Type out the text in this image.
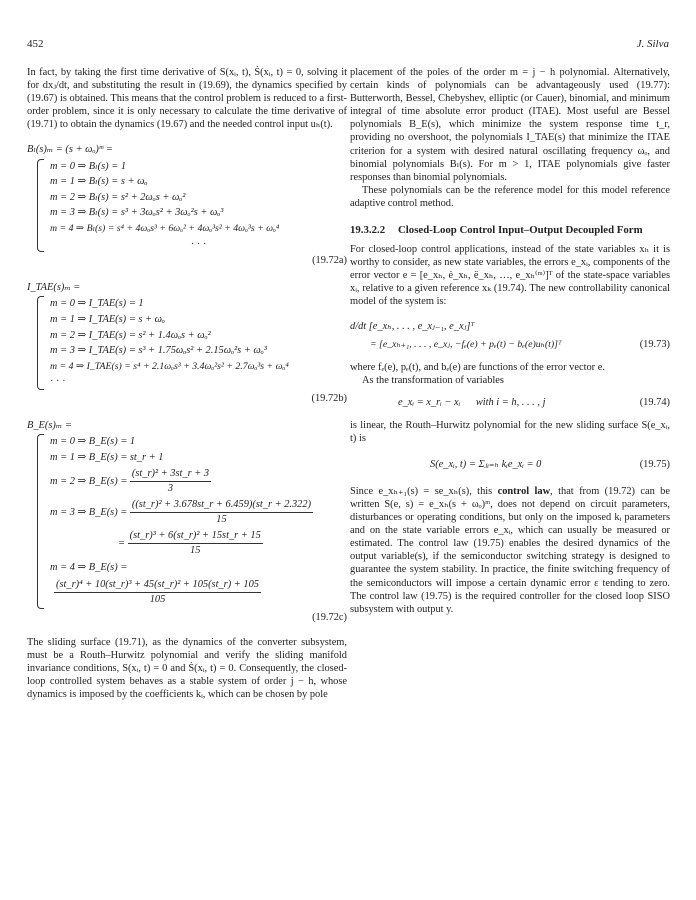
452	J. Silva

In fact, by taking the first time derivative of S(xᵢ, t), Ṡ(xᵢ, t) = 0, solving it for dxⱼ/dt, and substituting the result in (19.69), the dynamics specified by (19.67) is obtained. This means that the control problem is reduced to a first-order problem, since it is only necessary to calculate the time derivative of (19.71) to obtain the dynamics (19.67) and the needed control input uₕ(t).

Bₗ(s)ₘ = (s + ωₒ)ᵐ =
m = 0 ⇒ Bₗ(s) = 1
m = 1 ⇒ Bₗ(s) = s + ωₒ
m = 2 ⇒ Bₗ(s) = s² + 2ωₒs + ωₒ²
m = 3 ⇒ Bₗ(s) = s³ + 3ωₒs² + 3ωₒ²s + ωₒ³
m = 4 ⇒ Bₗ(s) = s⁴ + 4ωₒs³ + 6ωₒ² + 4ωₒ³s² + 4ωₒ³s + ωₒ⁴
· · ·
(19.72a)
I_TAE(s)ₘ =
m = 0 ⇒ I_TAE(s) = 1
m = 1 ⇒ I_TAE(s) = s + ωₒ
m = 2 ⇒ I_TAE(s) = s² + 1.4ωₒs + ωₒ²
m = 3 ⇒ I_TAE(s) = s³ + 1.75ωₒs² + 2.15ωₒ²s + ωₒ³
m = 4 ⇒ I_TAE(s) = s⁴ + 2.1ωₒs³ + 3.4ωₒ²s² + 2.7ωₒ³s + ωₒ⁴
· · ·
(19.72b)
B_E(s)ₘ =
m = 0 ⇒ B_E(s) = 1
m = 1 ⇒ B_E(s) = st_r + 1
m = 2 ⇒ B_E(s) = $\frac{\text{(st\_r)² + 3st\_r + 3}}{3}$
m = 3 ⇒ B_E(s) = $\frac{\text{((st\_r)² + 3.678st\_r + 6.459)(st\_r + 2.322)}}{15}$
= $\frac{\text{(st\_r)³ + 6(st\_r)² + 15st\_r + 15}}{15}$
m = 4 ⇒ B_E(s) =
$\frac{\text{(st\_r)⁴ + 10(st\_r)³ + 45(st\_r)² + 105(st\_r) + 105}}{105}$
(19.72c)

The sliding surface (19.71), as the dynamics of the converter subsystem, must be a Routh–Hurwitz polynomial and verify the sliding manifold invariance conditions, S(xᵢ, t) = 0 and Ṡ(xᵢ, t) = 0. Consequently, the closed-loop controlled system behaves as a stable system of order j − h, whose dynamics is imposed by the coefficients kᵢ, which can be chosen by pole

placement of the poles of the order m = j − h polynomial. Alternatively, certain kinds of polynomials can be advantageously used (19.77): Butterworth, Bessel, Chebyshev, elliptic (or Cauer), binomial, and minimum integral of time absolute error product (ITAE). Most useful are Bessel polynomials B_E(s), which minimize the system response time t_r, providing no overshoot, the polynomials I_TAE(s) that minimize the ITAE criterion for a system with desired natural oscillating frequency ωₒ, and binomial polynomials Bₗ(s). For m > 1, ITAE polynomials give faster responses than binomial polynomials.

These polynomials can be the reference model for this model reference adaptive control method.

19.3.2.2 Closed-Loop Control Input–Output Decoupled Form

For closed-loop control applications, instead of the state variables xₕ it is worthy to consider, as new state variables, the errors e_xᵢ, components of the error vector e = [e_xₕ, ė_xₕ, ë_xₕ, …, e_xₕ⁽ᵐ⁾]ᵀ of the state-space variables xᵢ, relative to a given reference xₖ (19.74). The new controllability canonical model of the system is:

d/dt [e_xₕ, . . . , e_xⱼ₋₁, e_xⱼ]ᵀ
= [e_xₕ₊₁, . . . , e_xⱼ, −fₑ(e) + pₑ(t) − bₑ(e)uₕ(t)]ᵀ	(19.73)

where fₑ(e), pₑ(t), and bₑ(e) are functions of the error vector e.

As the transformation of variables

e_xᵢ = x_rᵢ − xᵢ      with i = h, . . . , j	(19.74)

is linear, the Routh–Hurwitz polynomial for the new sliding surface S(e_xᵢ, t) is

S(e_xᵢ, t) = Σⱼᵢ₌ₕ kᵢe_xᵢ = 0	(19.75)

Since e_xₕ₊₁(s) = se_xₕ(s), this control law, that from (19.72) can be written S(e, s) = e_xₕ(s + ωₒ)ᵐ, does not depend on circuit parameters, disturbances or operating conditions, but only on the imposed kᵢ parameters and on the state variable errors e_xᵢ, which can usually be measured or estimated. The control law (19.75) enables the desired dynamics of the output variable(s), if the semiconductor switching strategy is designed to guarantee the system stability. In practice, the finite switching frequency of the semiconductors will impose a certain dynamic error ε tending to zero. The control law (19.75) is the required controller for the closed loop SISO subsystem with output y.
